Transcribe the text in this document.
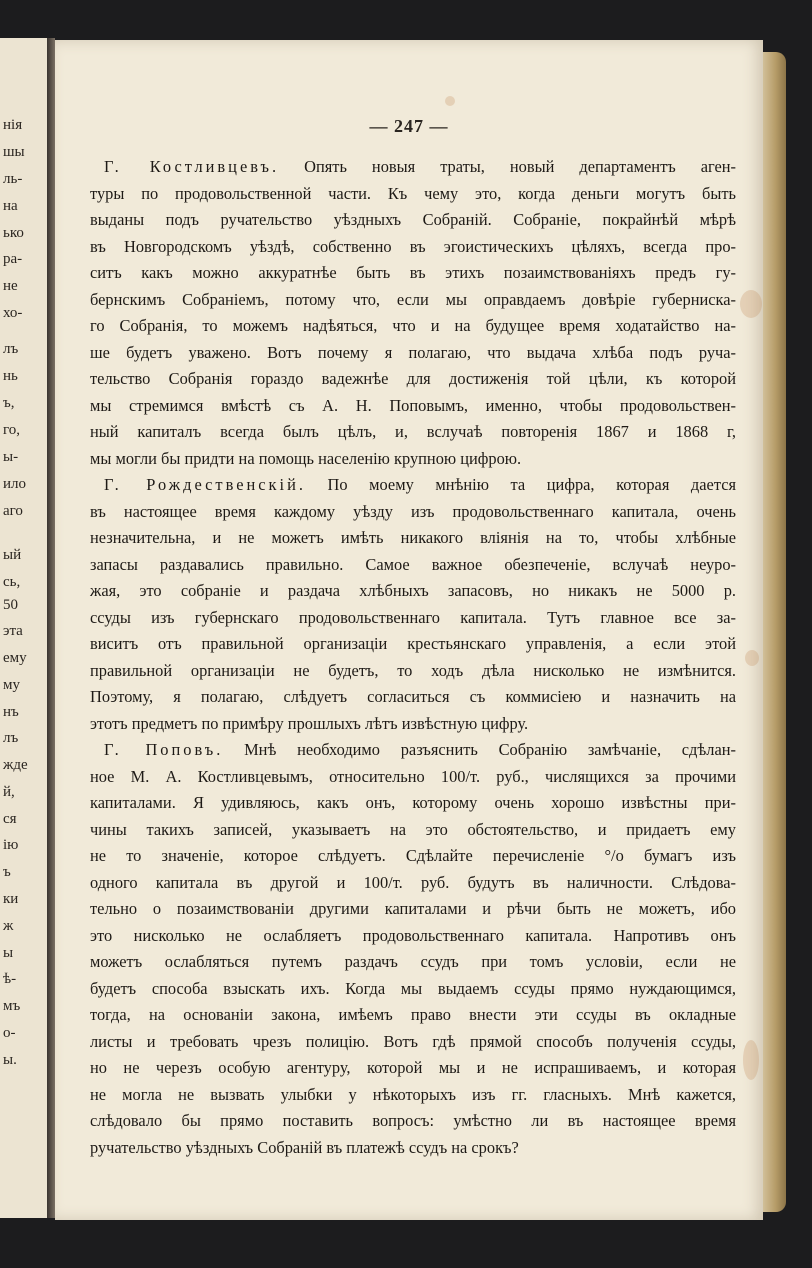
нія
шы
ль-
на
ько
ра-
не
хо-
лъ
нь
ъ,
го,
ы-
ило
аго
ый
сь,
50
эта
ему
му
нъ
лъ
жде
й,
ся
ію
ъ
ки
ж
ы
ѣ-
мъ
о-
ы.
— 247 —
Г. Костливцевъ. Опять новыя траты, новый департаментъ аген-
туры по продовольственной части. Къ чему это, когда деньги могутъ быть
выданы подъ ручательство уѣздныхъ Собраній. Собраніе, покрайнѣй мѣрѣ
въ Новгородскомъ уѣздѣ, собственно въ эгоистическихъ цѣляхъ, всегда про-
ситъ какъ можно аккуратнѣе быть въ этихъ позаимствованіяхъ предъ гу-
бернскимъ Собраніемъ, потому что, если мы оправдаемъ довѣріе губерниска-
го Собранія, то можемъ надѣяться, что и на будущее время ходатайство на-
ше будетъ уважено. Вотъ почему я полагаю, что выдача хлѣба подъ руча-
тельство Собранія гораздо вадежнѣе для достиженія той цѣли, къ которой
мы стремимся вмѣстѣ съ А. Н. Поповымъ, именно, чтобы продовольствен-
ный капиталъ всегда былъ цѣлъ, и, вслучаѣ повторенія 1867 и 1868 г,
мы могли бы придти на помощь населенію крупною цифрою.
Г. Рождественскій. По моему мнѣнію та цифра, которая дается
въ настоящее время каждому уѣзду изъ продовольственнаго капитала, очень
незначительна, и не можетъ имѣть никакого вліянія на то, чтобы хлѣбные
запасы раздавались правильно. Самое важное обезпеченіе, вслучаѣ неуро-
жая, это собраніе и раздача хлѣбныхъ запасовъ, но никакъ не 5000 р.
ссуды изъ губернскаго продовольственнаго капитала. Тутъ главное все за-
виситъ отъ правильной организаціи крестьянскаго управленія, а если этой
правильной организаціи не будетъ, то ходъ дѣла нисколько не измѣнится.
Поэтому, я полагаю, слѣдуетъ согласиться съ коммисіею и назначить на
этотъ предметъ по примѣру прошлыхъ лѣтъ извѣстную цифру.
Г. Поповъ. Мнѣ необходимо разъяснить Собранію замѣчаніе, сдѣлан-
ное М. А. Костливцевымъ, относительно 100/т. руб., числящихся за прочими
капиталами. Я удивляюсь, какъ онъ, которому очень хорошо извѣстны при-
чины такихъ записей, указываетъ на это обстоятельство, и придаетъ ему
не то значеніе, которое слѣдуетъ. Сдѣлайте перечисленіе °/о бумагъ изъ
одного капитала въ другой и 100/т. руб. будутъ въ наличности. Слѣдова-
тельно о позаимствованіи другими капиталами и рѣчи быть не можетъ, ибо
это нисколько не ослабляетъ продовольственнаго капитала. Напротивъ онъ
можетъ ослабляться путемъ раздачъ ссудъ при томъ условіи, если не
будетъ способа взыскать ихъ. Когда мы выдаемъ ссуды прямо нуждающимся,
тогда, на основаніи закона, имѣемъ право внести эти ссуды въ окладные
листы и требовать чрезъ полицію. Вотъ гдѣ прямой способъ полученія ссуды,
но не черезъ особую агентуру, которой мы и не испрашиваемъ, и которая
не могла не вызвать улыбки у нѣкоторыхъ изъ гг. гласныхъ. Мнѣ кажется,
слѣдовало бы прямо поставить вопросъ: умѣстно ли въ настоящее время
ручательство уѣздныхъ Собраній въ платежѣ ссудъ на срокъ?
